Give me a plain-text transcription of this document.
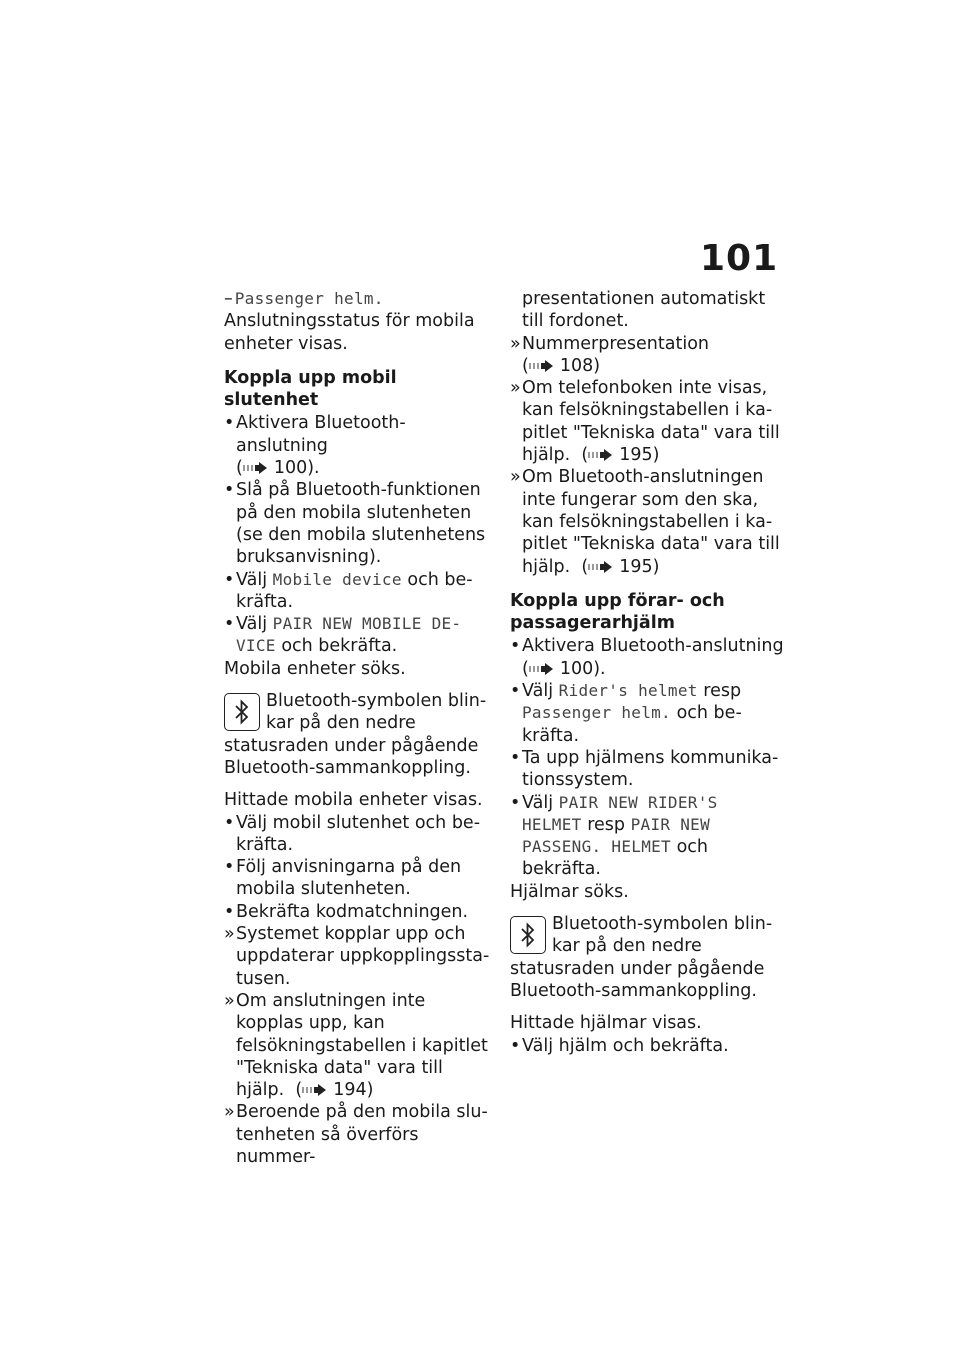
101

– Passenger helm.

Anslutningsstatus för mobila enheter visas.

Koppla upp mobil slutenhet

• Aktivera Bluetooth-anslutning
( 100).

• Slå på Bluetooth-funktionen på den mobila slutenheten (se den mobila slutenhetens bruksanvisning).

• Välj Mobile device och bekräfta.

• Välj PAIR NEW MOBILE DE-VICE och bekräfta.

Mobila enheter söks.

Bluetooth-symbolen blinkar på den nedre statusraden under pågående Bluetooth-sammankoppling.

Hittade mobila enheter visas.

• Välj mobil slutenhet och bekräfta.

• Följ anvisningarna på den mobila slutenheten.

• Bekräfta kodmatchningen.

» Systemet kopplar upp och uppdaterar uppkopplingsstatusen.

» Om anslutningen inte kopplas upp, kan felsökningstabellen i kapitlet "Tekniska data" vara till hjälp. ( 194)

» Beroende på den mobila slutenheten så överförs nummer-

presentationen automatiskt till fordonet.

» Nummerpresentation
( 108)

» Om telefonboken inte visas, kan felsökningstabellen i kapitlet "Tekniska data" vara till hjälp. ( 195)

» Om Bluetooth-anslutningen inte fungerar som den ska, kan felsökningstabellen i kapitlet "Tekniska data" vara till hjälp. ( 195)

Koppla upp förar- och passagerarhjälm

• Aktivera Bluetooth-anslutning
( 100).

• Välj Rider's helmet resp Passenger helm. och bekräfta.

• Ta upp hjälmens kommunikationssystem.

• Välj PAIR NEW RIDER'S HELMET resp PAIR NEW PASSENG. HELMET och bekräfta.

Hjälmar söks.

Bluetooth-symbolen blinkar på den nedre statusraden under pågående Bluetooth-sammankoppling.

Hittade hjälmar visas.

• Välj hjälm och bekräfta.
